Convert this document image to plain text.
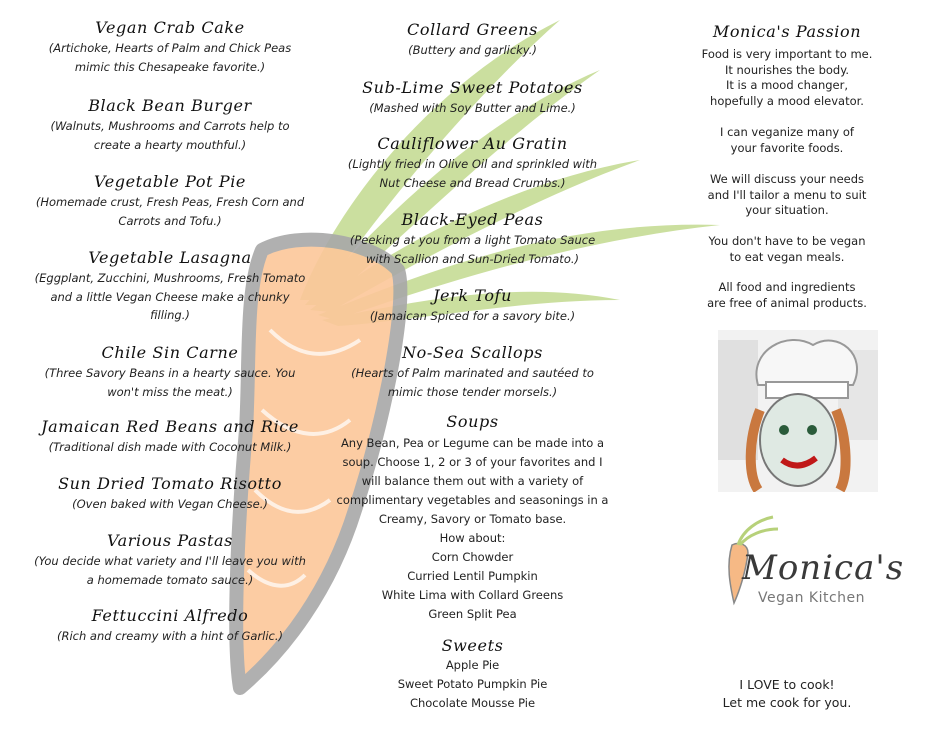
Vegan Crab Cake
(Artichoke, Hearts of Palm and Chick Peas
mimic this Chesapeake favorite.)
Black Bean Burger
(Walnuts, Mushrooms and Carrots help to
create a hearty mouthful.)
Vegetable Pot Pie
(Homemade crust, Fresh Peas, Fresh Corn and
Carrots and Tofu.)
Vegetable Lasagna
(Eggplant, Zucchini, Mushrooms, Fresh Tomato
and a little Vegan Cheese make a chunky
filling.)
Chile Sin Carne
(Three Savory Beans in a hearty sauce. You
won't miss the meat.)
Jamaican Red Beans and Rice
(Traditional dish made with Coconut Milk.)
Sun Dried Tomato Risotto
(Oven baked with Vegan Cheese.)
Various Pastas
(You decide what variety and I'll leave you with
a homemade tomato sauce.)
Fettuccini Alfredo
(Rich and creamy with a hint of Garlic.)
Soups
Any Bean, Pea or Legume can be made into a
soup. Choose 1, 2 or 3 of your favorites and I
will balance them out with a variety of
complimentary vegetables and seasonings in a
Creamy, Savory or Tomato base.
How about:
Corn Chowder
Curried Lentil Pumpkin
White Lima with Collard Greens
Green Split Pea
Sweets
Apple Pie
Sweet Potato Pumpkin Pie
Chocolate Mousse Pie
Collard Greens
(Buttery and garlicky.)
Sub-Lime Sweet Potatoes
(Mashed with Soy Butter and Lime.)
Cauliflower Au Gratin
(Lightly fried in Olive Oil and sprinkled with
Nut Cheese and Bread Crumbs.)
Black-Eyed Peas
(Peeking at you from a light Tomato Sauce
with Scallion and Sun-Dried Tomato.)
Jerk Tofu
(Jamaican Spiced for a savory bite.)
No-Sea Scallops
(Hearts of Palm marinated and sautéed to
mimic those tender morsels.)
Monica's Passion
Food is very important to me.
It nourishes the body.
It is a mood changer,
hopefully a mood elevator.
I can veganize many of
your favorite foods.
We will discuss your needs
and I'll tailor a menu to suit
your situation.
You don't have to be vegan
to eat vegan meals.
All food and ingredients
are free of animal products.
Monica's
Vegan Kitchen
I LOVE to cook!
Let me cook for you.
